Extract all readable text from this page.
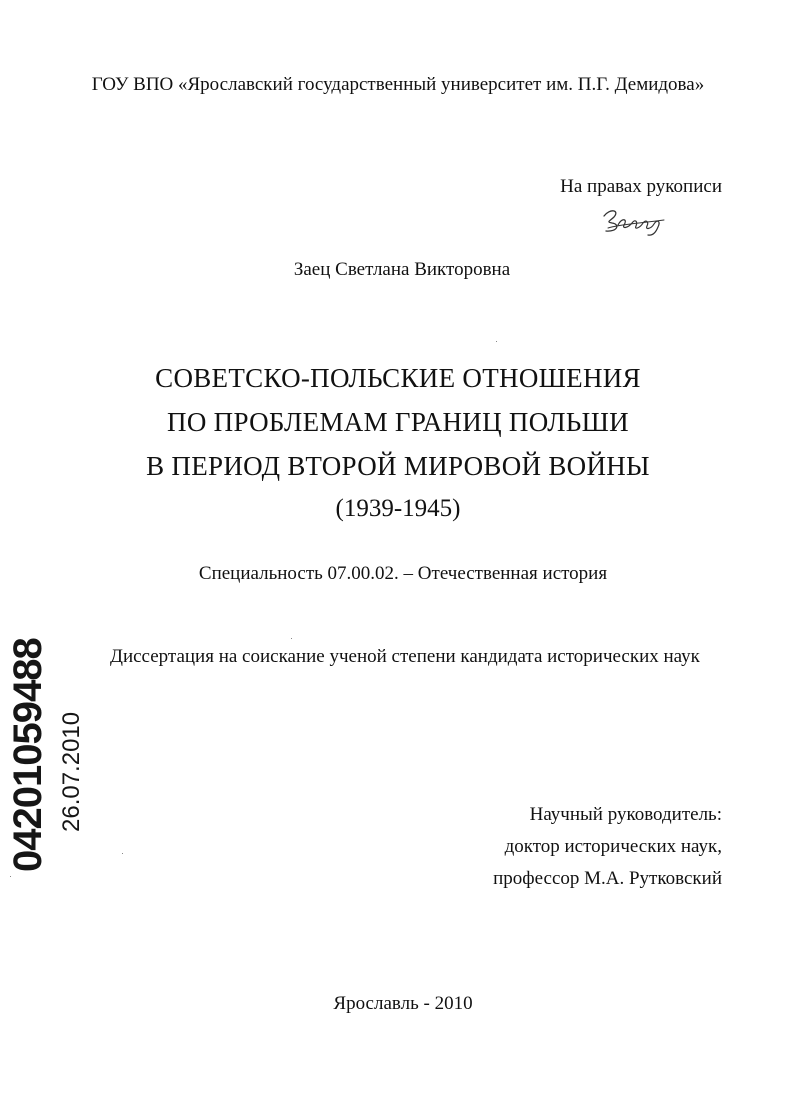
ГОУ ВПО «Ярославский государственный университет им. П.Г. Демидова»
На правах рукописи
Заец Светлана Викторовна
СОВЕТСКО-ПОЛЬСКИЕ ОТНОШЕНИЯ
ПО ПРОБЛЕМАМ ГРАНИЦ ПОЛЬШИ
В ПЕРИОД ВТОРОЙ МИРОВОЙ ВОЙНЫ
(1939-1945)
Специальность 07.00.02. – Отечественная история
Диссертация на соискание ученой степени кандидата исторических наук
Научный руководитель:
доктор исторических наук,
профессор М.А. Рутковский
Ярославль - 2010
04201059488 26.07.2010
